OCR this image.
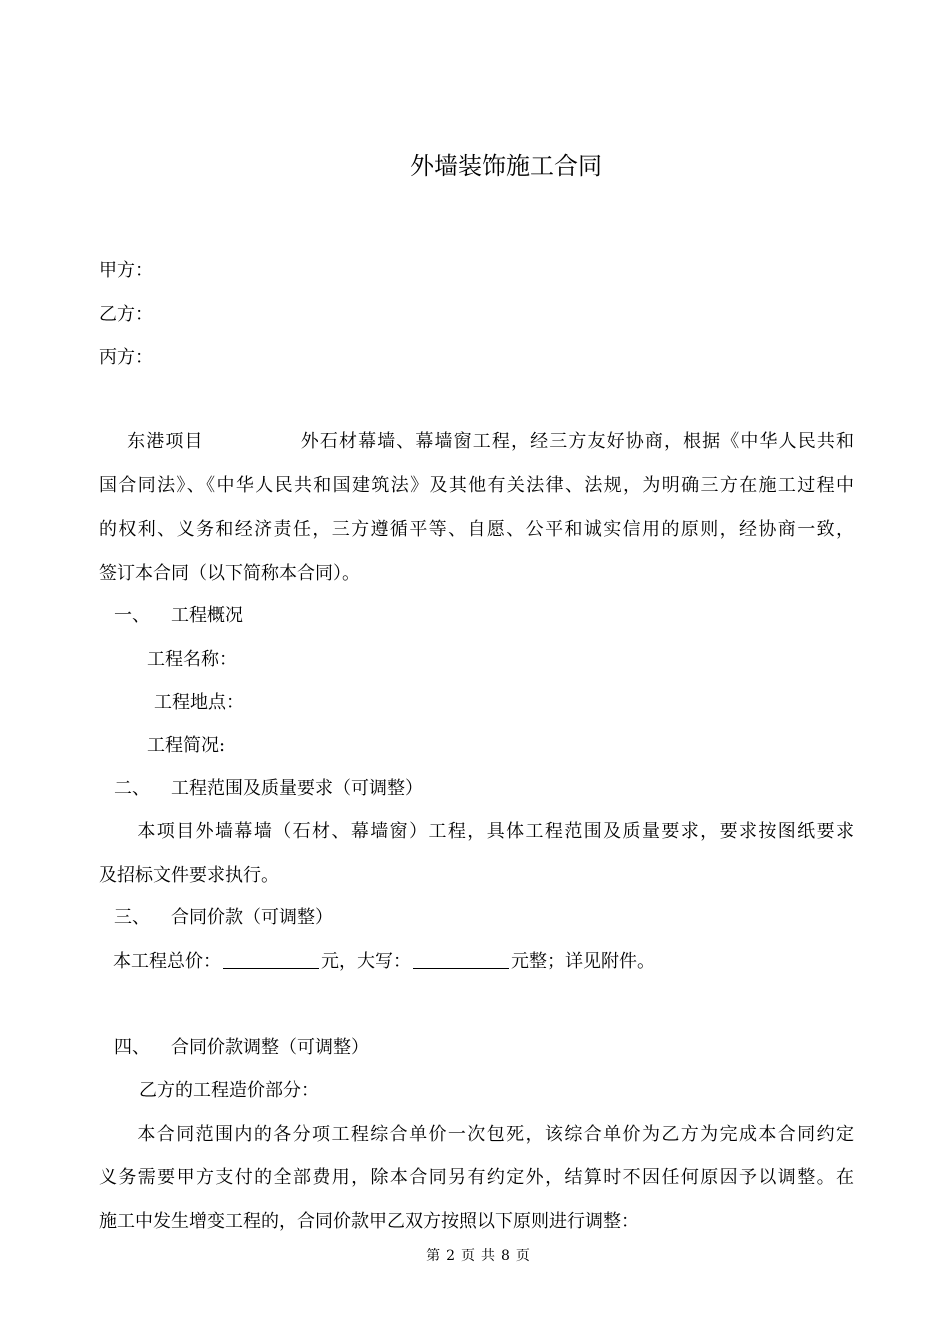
外墙装饰施工合同
甲方：
乙方：
丙方：
东港项目	外石材幕墙、幕墙窗工程，经三方友好协商，根据《中华人民共和
国合同法》、《中华人民共和国建筑法》及其他有关法律、法规，为明确三方在施工过程中
的权利、义务和经济责任，三方遵循平等、自愿、公平和诚实信用的原则，经协商一致，
签订本合同（以下简称本合同）。
一、 工程概况
工程名称：
工程地点：
工程简况:
二、 工程范围及质量要求（可调整）
本项目外墙幕墙（石材、幕墙窗）工程，具体工程范围及质量要求，要求按图纸要求
及招标文件要求执行。
三、 合同价款（可调整）
本工程总价：	元，大写：	元整；详见附件。
四、 合同价款调整（可调整）
乙方的工程造价部分：
本合同范围内的各分项工程综合单价一次包死，该综合单价为乙方为完成本合同约定
义务需要甲方支付的全部费用，除本合同另有约定外，结算时不因任何原因予以调整。在
施工中发生增变工程的，合同价款甲乙双方按照以下原则进行调整：
第 2 页 共 8 页
